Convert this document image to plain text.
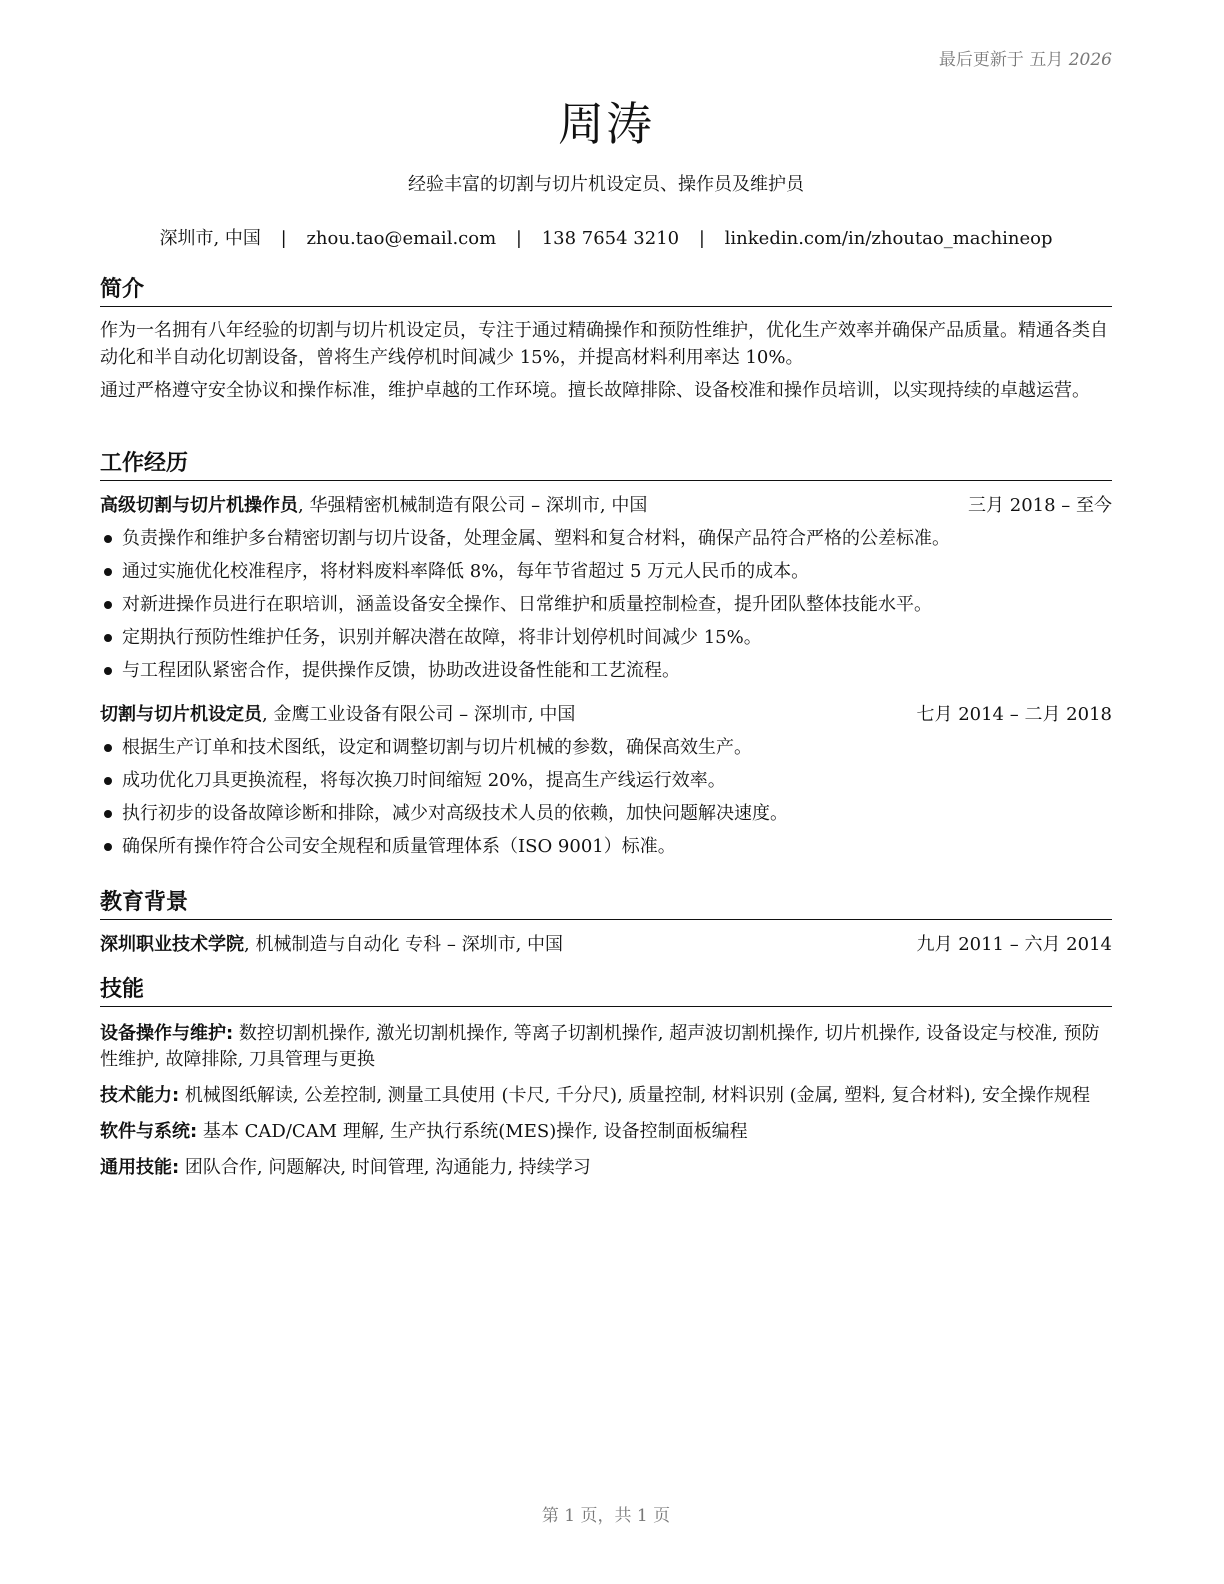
最后更新于 五月 2026
周涛
经验丰富的切割与切片机设定员、操作员及维护员
深圳市, 中国 | zhou.tao@email.com | 138 7654 3210 | linkedin.com/in/zhoutao_machineop
简介

作为一名拥有八年经验的切割与切片机设定员，专注于通过精确操作和预防性维护，优化生产效率并确保产品质量。精通各类自动化和半自动化切割设备，曾将生产线停机时间减少 15%，并提高材料利用率达 10%。

通过严格遵守安全协议和操作标准，维护卓越的工作环境。擅长故障排除、设备校准和操作员培训，以实现持续的卓越运营。

工作经历
高级切割与切片机操作员, 华强精密机械制造有限公司 – 深圳市, 中国	三月 2018 – 至今
负责操作和维护多台精密切割与切片设备，处理金属、塑料和复合材料，确保产品符合严格的公差标准。
通过实施优化校准程序，将材料废料率降低 8%，每年节省超过 5 万元人民币的成本。
对新进操作员进行在职培训，涵盖设备安全操作、日常维护和质量控制检查，提升团队整体技能水平。
定期执行预防性维护任务，识别并解决潜在故障，将非计划停机时间减少 15%。
与工程团队紧密合作，提供操作反馈，协助改进设备性能和工艺流程。
切割与切片机设定员, 金鹰工业设备有限公司 – 深圳市, 中国	七月 2014 – 二月 2018
根据生产订单和技术图纸，设定和调整切割与切片机械的参数，确保高效生产。
成功优化刀具更换流程，将每次换刀时间缩短 20%，提高生产线运行效率。
执行初步的设备故障诊断和排除，减少对高级技术人员的依赖，加快问题解决速度。
确保所有操作符合公司安全规程和质量管理体系（ISO 9001）标准。
教育背景
深圳职业技术学院, 机械制造与自动化 专科 – 深圳市, 中国	九月 2011 – 六月 2014
技能

设备操作与维护: 数控切割机操作, 激光切割机操作, 等离子切割机操作, 超声波切割机操作, 切片机操作, 设备设定与校准, 预防性维护, 故障排除, 刀具管理与更换

技术能力: 机械图纸解读, 公差控制, 测量工具使用 (卡尺, 千分尺), 质量控制, 材料识别 (金属, 塑料, 复合材料), 安全操作规程

软件与系统: 基本 CAD/CAM 理解, 生产执行系统(MES)操作, 设备控制面板编程

通用技能: 团队合作, 问题解决, 时间管理, 沟通能力, 持续学习

第 1 页，共 1 页
